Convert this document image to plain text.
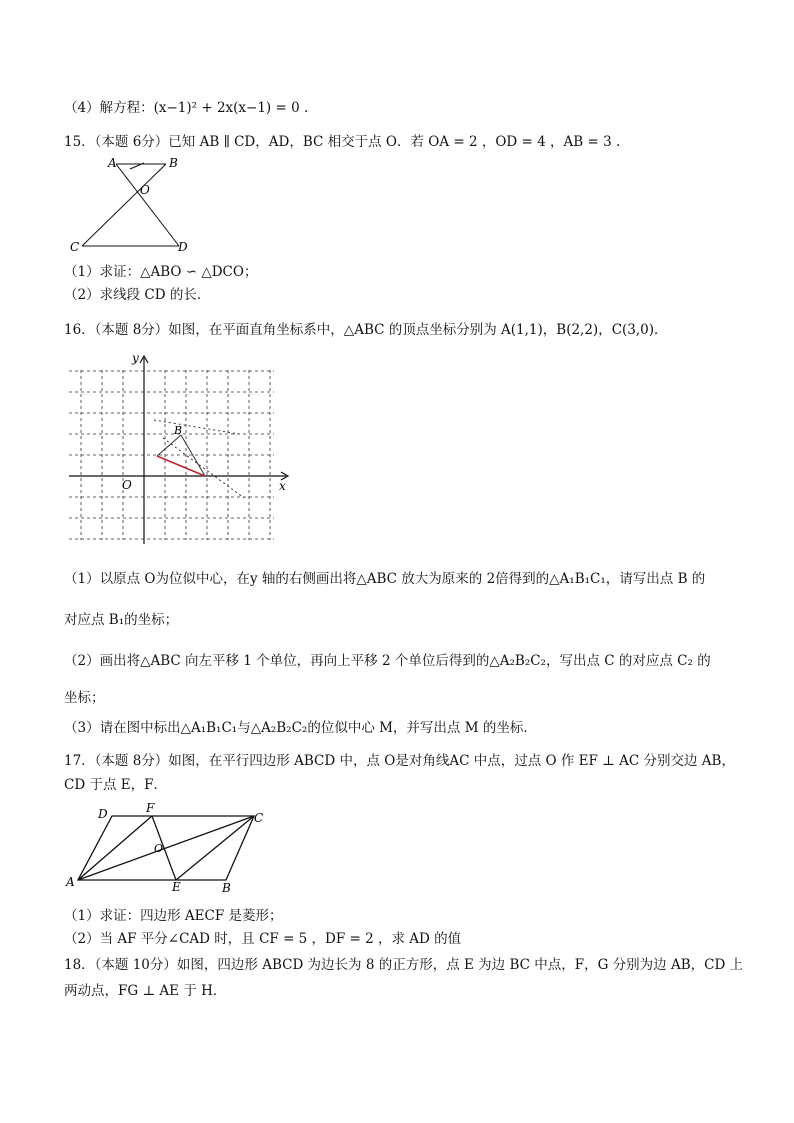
（4）解方程：(x−1)² + 2x(x−1) = 0 .
15．（本题 6分）已知 AB ∥ CD，AD，BC 相交于点 O．若 OA = 2 ，OD = 4 ，AB = 3 .
A	B
O
C	D
（1）求证：△ABO ∽ △DCO；
（2）求线段 CD 的长．
16．（本题 8分）如图，在平面直角坐标系中，△ABC 的顶点坐标分别为 A(1,1)，B(2,2)，C(3,0)．
y
x
O
B
（1）以原点 O为位似中心，在y 轴的右侧画出将△ABC 放大为原来的 2倍得到的△A₁B₁C₁，请写出点 B 的
对应点 B₁的坐标；
（2）画出将△ABC 向左平移 1 个单位，再向上平移 2 个单位后得到的△A₂B₂C₂，写出点 C 的对应点 C₂ 的
坐标；
（3）请在图中标出△A₁B₁C₁与△A₂B₂C₂的位似中心 M，并写出点 M 的坐标．
17．（本题 8分）如图，在平行四边形 ABCD 中，点 O是对角线AC 中点，过点 O 作 EF ⊥ AC 分别交边 AB，
CD 于点 E，F．
D	F
C
O
A	E	B
（1）求证：四边形 AECF 是菱形；
（2）当 AF 平分∠CAD 时，且 CF = 5 ，DF = 2 ，求 AD 的值
18．（本题 10分）如图，四边形 ABCD 为边长为 8 的正方形，点 E 为边 BC 中点，F，G 分别为边 AB，CD 上
两动点，FG ⊥ AE 于 H．
